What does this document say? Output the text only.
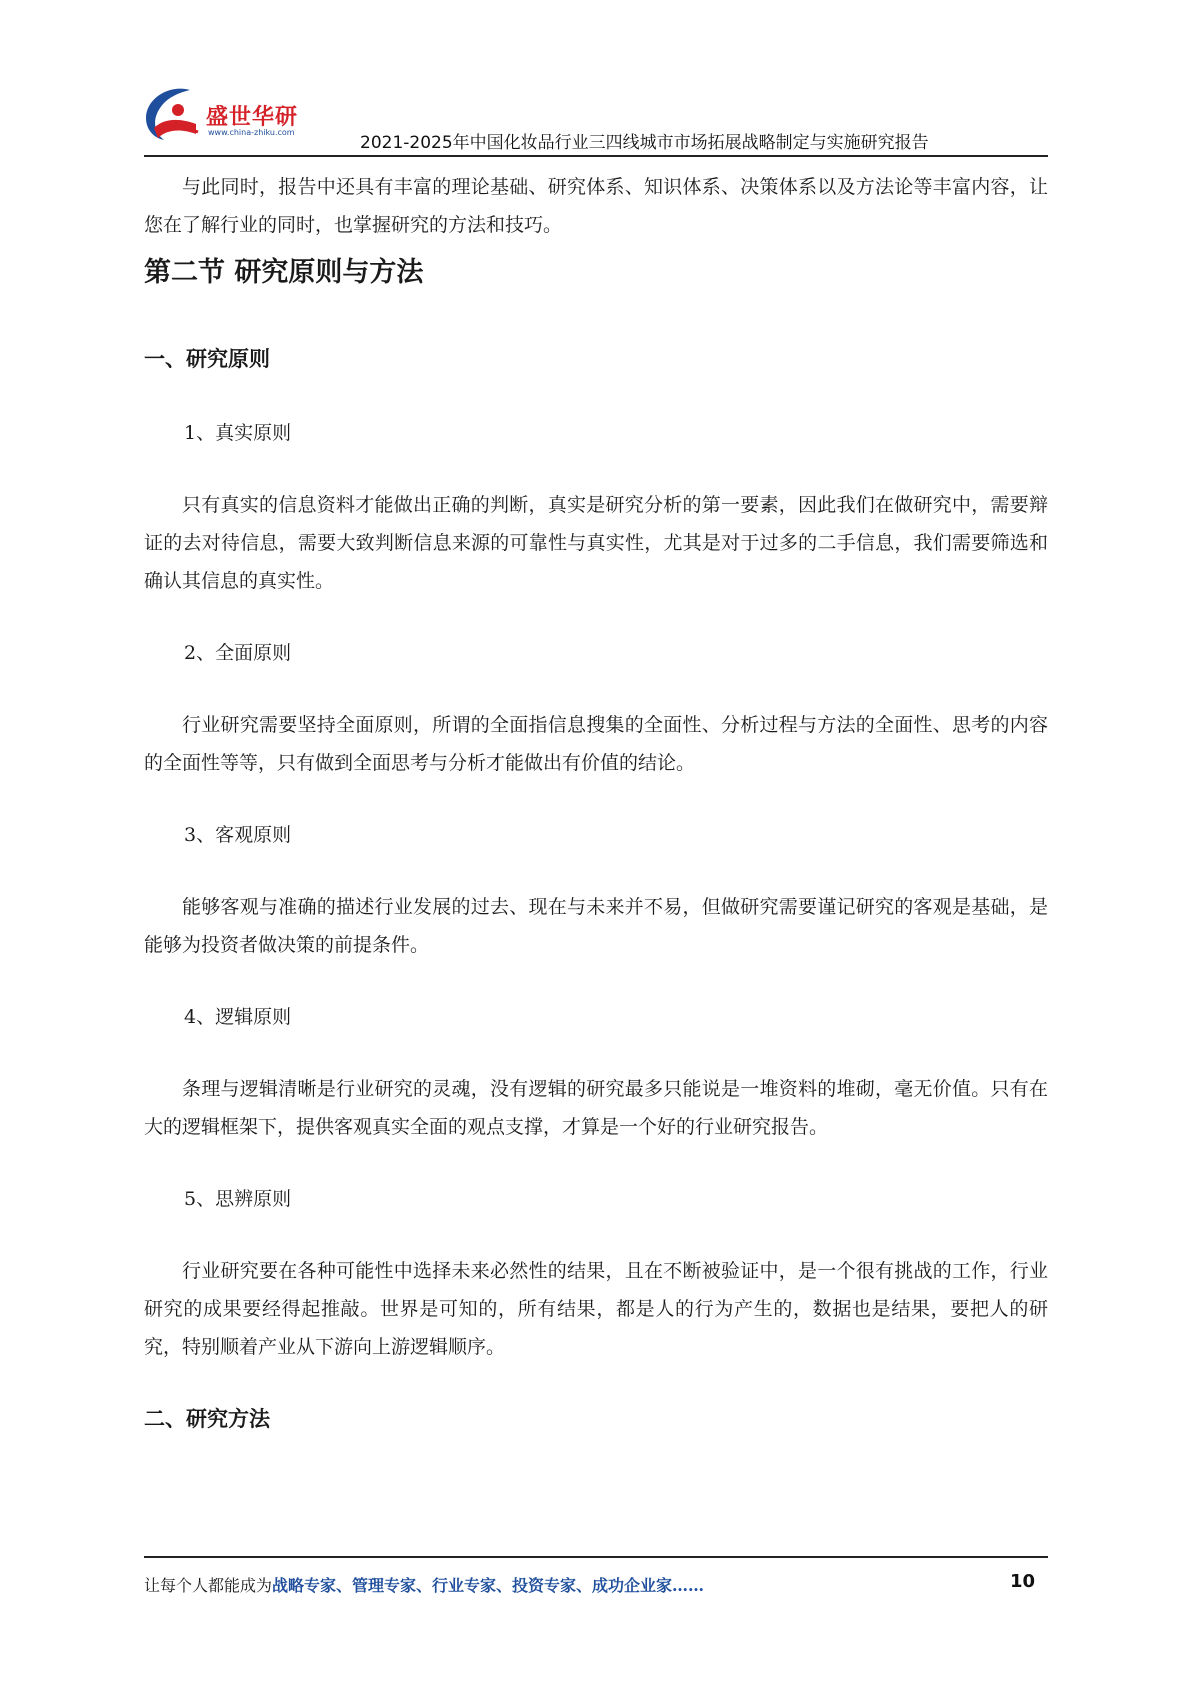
盛世华研
www.china-zhiku.com
2021-2025年中国化妆品行业三四线城市市场拓展战略制定与实施研究报告

与此同时，报告中还具有丰富的理论基础、研究体系、知识体系、决策体系以及方法论等丰富内容，让您在了解行业的同时，也掌握研究的方法和技巧。

第二节 研究原则与方法
一、研究原则

1、真实原则

只有真实的信息资料才能做出正确的判断，真实是研究分析的第一要素，因此我们在做研究中，需要辩证的去对待信息，需要大致判断信息来源的可靠性与真实性，尤其是对于过多的二手信息，我们需要筛选和确认其信息的真实性。

2、全面原则

行业研究需要坚持全面原则，所谓的全面指信息搜集的全面性、分析过程与方法的全面性、思考的内容的全面性等等，只有做到全面思考与分析才能做出有价值的结论。

3、客观原则

能够客观与准确的描述行业发展的过去、现在与未来并不易，但做研究需要谨记研究的客观是基础，是能够为投资者做决策的前提条件。

4、逻辑原则

条理与逻辑清晰是行业研究的灵魂，没有逻辑的研究最多只能说是一堆资料的堆砌，毫无价值。只有在大的逻辑框架下，提供客观真实全面的观点支撑，才算是一个好的行业研究报告。

5、思辨原则

行业研究要在各种可能性中选择未来必然性的结果，且在不断被验证中，是一个很有挑战的工作，行业研究的成果要经得起推敲。世界是可知的，所有结果，都是人的行为产生的，数据也是结果，要把人的研究，特别顺着产业从下游向上游逻辑顺序。

二、研究方法
让每个人都能成为战略专家、管理专家、行业专家、投资专家、成功企业家……	10
